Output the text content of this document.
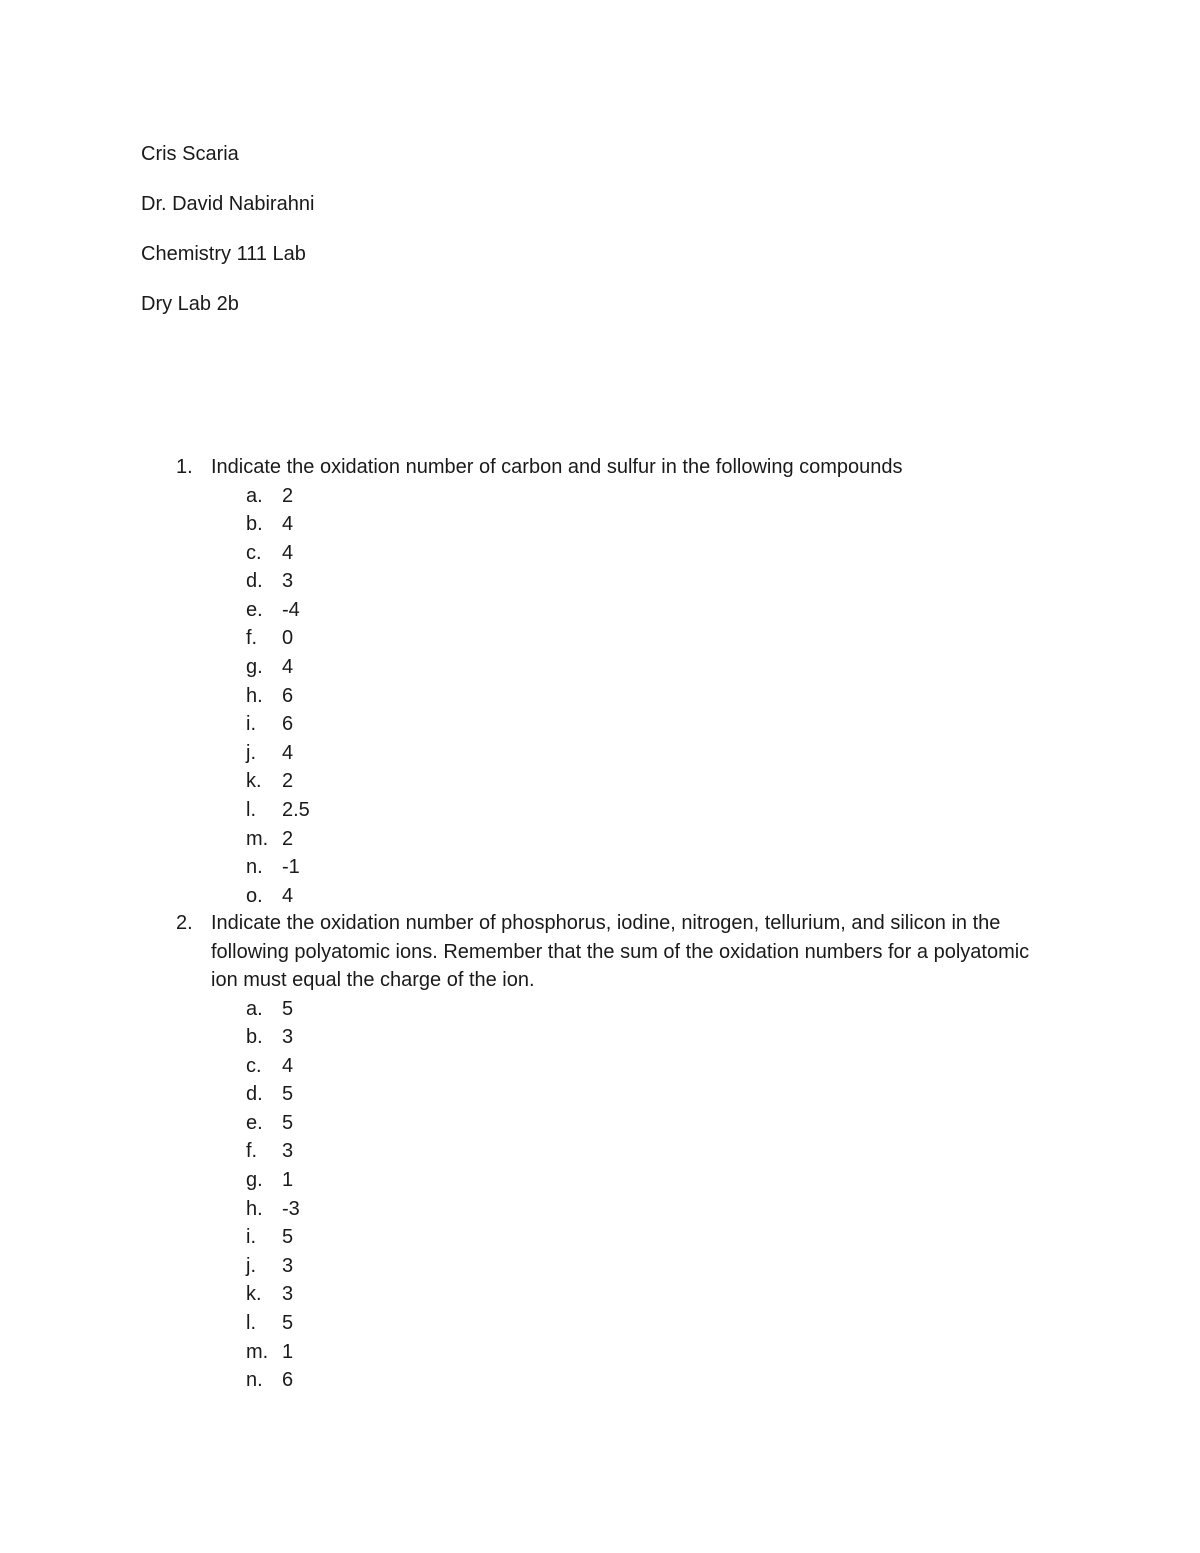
Cris Scaria
Dr. David Nabirahni
Chemistry 111 Lab
Dry Lab 2b
1. Indicate the oxidation number of carbon and sulfur in the following compounds
a. 2
b. 4
c. 4
d. 3
e. -4
f. 0
g. 4
h. 6
i. 6
j. 4
k. 2
l. 2.5
m. 2
n. -1
o. 4
2. Indicate the oxidation number of phosphorus, iodine, nitrogen, tellurium, and silicon in the following polyatomic ions. Remember that the sum of the oxidation numbers for a polyatomic ion must equal the charge of the ion.
a. 5
b. 3
c. 4
d. 5
e. 5
f. 3
g. 1
h. -3
i. 5
j. 3
k. 3
l. 5
m. 1
n. 6
